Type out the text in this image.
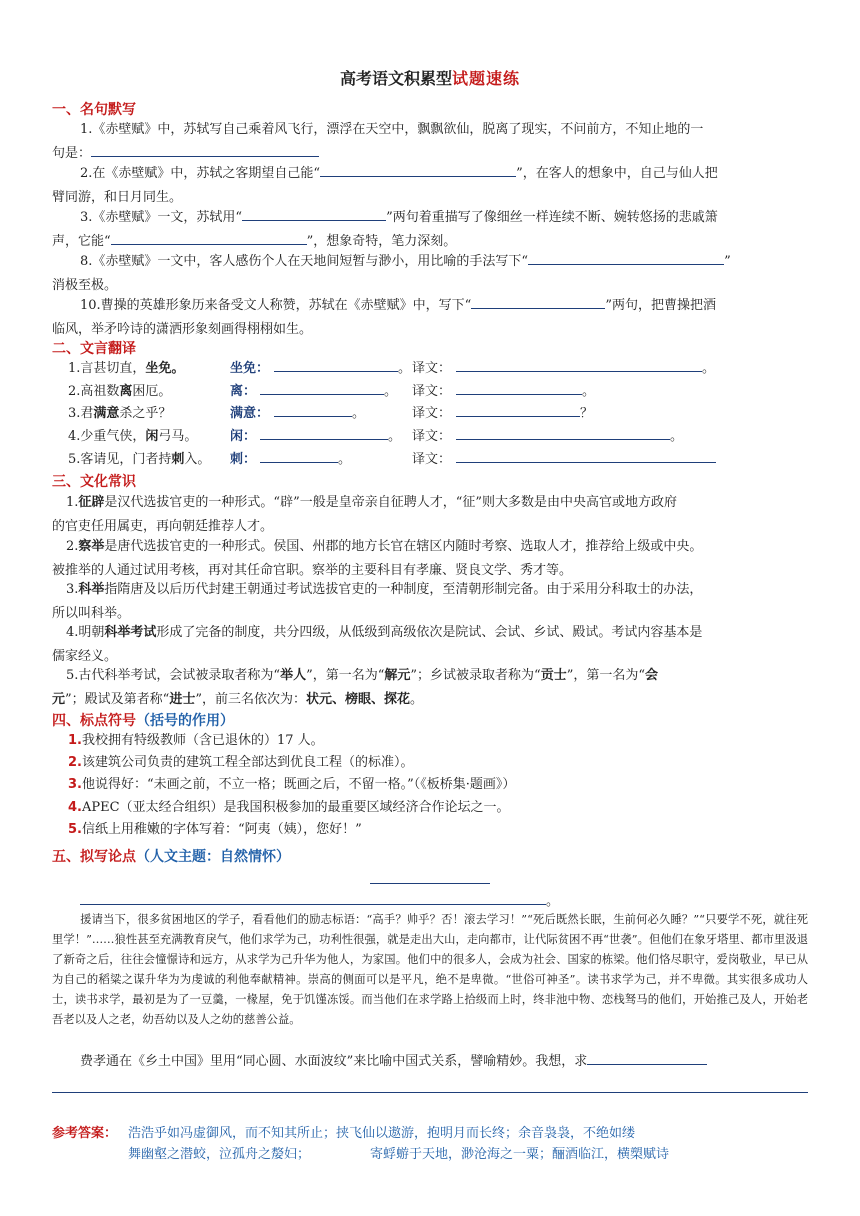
高考语文积累型试题速练
一、名句默写
1.《赤壁赋》中，苏轼写自己乘着风飞行，漂浮在天空中，飘飘欲仙，脱离了现实，不问前方，不知止地的一
句是：
2.在《赤壁赋》中，苏轼之客期望自己能“	”，在客人的想象中，自己与仙人把
臂同游，和日月同生。
3.《赤壁赋》一文，苏轼用“	”两句着重描写了像细丝一样连续不断、婉转悠扬的悲戚箫
声，它能“	”，想象奇特，笔力深刻。
8.《赤壁赋》一文中，客人感伤个人在天地间短暂与渺小，用比喻的手法写下“	”
消极至极。
10.曹操的英雄形象历来备受文人称赞，苏轼在《赤壁赋》中，写下“	”两句，把曹操把酒
临风，举矛吟诗的潇洒形象刻画得栩栩如生。
二、文言翻译
1.言甚切直，坐免。	坐免：	。 译文：	。
2.高祖数离困厄。	离：	。 译文：	。
3.君满意杀之乎？	满意：	。	译文：	？
4.少重气侠，闲弓马。	闲：	。 译文：	。
5.客请见，门者持刺入。 刺：	。	译文：
三、文化常识
1.征辟是汉代选拔官吏的一种形式。“辟”一般是皇帝亲自征聘人才，“征”则大多数是由中央高官或地方政府
的官吏任用属吏，再向朝廷推荐人才。
2.察举是唐代选拔官吏的一种形式。侯国、州郡的地方长官在辖区内随时考察、选取人才，推荐给上级或中央。
被推举的人通过试用考核，再对其任命官职。察举的主要科目有孝廉、贤良文学、秀才等。
3.科举指隋唐及以后历代封建王朝通过考试选拔官吏的一种制度，至清朝形制完备。由于采用分科取士的办法，
所以叫科举。
4.明朝科举考试形成了完备的制度，共分四级，从低级到高级依次是院试、会试、乡试、殿试。考试内容基本是
儒家经义。
5.古代科举考试，会试被录取者称为“举人”，第一名为“解元”；乡试被录取者称为“贡士”，第一名为“会
元”；殿试及第者称“进士”，前三名依次为：状元、榜眼、探花。
四、标点符号（括号的作用）
1.我校拥有特级教师（含已退休的）17 人。
2.该建筑公司负责的建筑工程全部达到优良工程（的标准）。
3.他说得好：“未画之前，不立一格；既画之后，不留一格。”（《板桥集·题画》）
4.APEC（亚太经合组织）是我国积极参加的最重要区域经济合作论坛之一。
5.信纸上用稚嫩的字体写着：“阿夷（姨），您好！”
五、拟写论点（人文主题：自然情怀）
。
援请当下，很多贫困地区的学子，看看他们的励志标语：“高手？帅乎？否！滚去学习！”“死后既然长眠，生前何必久睡？”“只要学不死，就往死里学！”……狼性甚至充满教育戾气，他们求学为己，功利性很强，就是走出大山，走向都市，让代际贫困不再“世袭”。但他们在象牙塔里、都市里汲退了新奇之后，往往会憧憬诗和远方，从求学为己升华为他人，为家国。他们中的很多人，会成为社会、国家的栋梁。他们恪尽职守，爱岗敬业，早已从为自己的稻粱之谋升华为为虔诚的利他奉献精神。崇高的侧面可以是平凡，绝不是卑微。“世俗可神圣”。读书求学为己，并不卑微。其实很多成功人士，读书求学，最初是为了一豆羹，一椽屋，免于饥馑冻馁。而当他们在求学路上拾级而上时，终非池中物、恋栈驽马的他们，开始推己及人，开始老吾老以及人之老，幼吾幼以及人之幼的慈善公益。
费孝通在《乡土中国》里用“同心圆、水面波纹”来比喻中国式关系，譬喻精妙。我想，求
参考答案： 浩浩乎如冯虚御风，而不知其所止；挟飞仙以遨游，抱明月而长终；余音袅袅，不绝如缕
舞幽壑之潜蛟，泣孤舟之嫠妇；	寄蜉蝣于天地，渺沧海之一粟；酾酒临江，横槊赋诗
